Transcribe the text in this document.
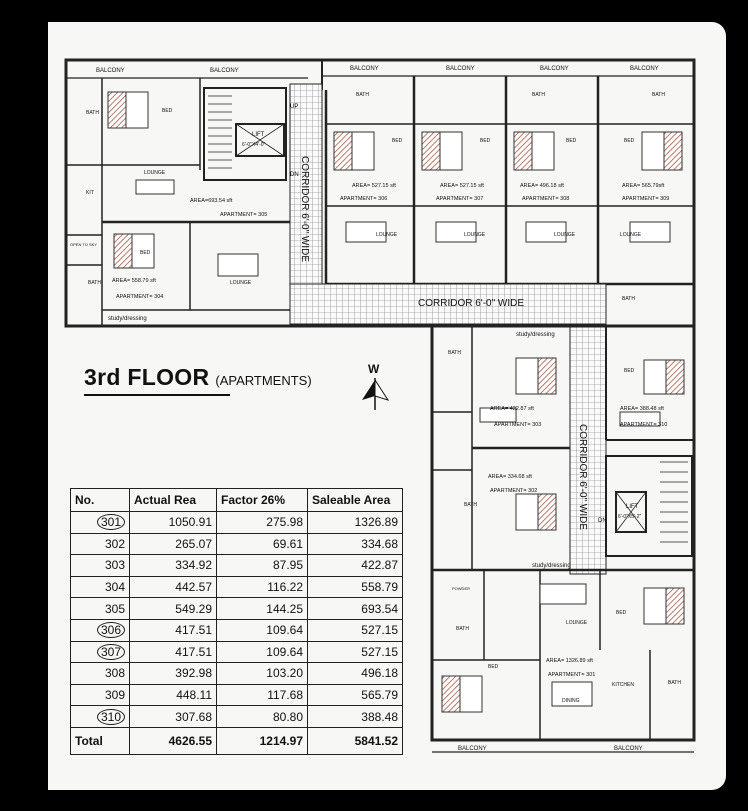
BALCONY	BALCONY	BALCONY	BALCONY	BALCONY	BALCONY
BALCONY	BALCONY
LIFT
6'-0"X4'-0"
LIFT
6'-0"X5'-2"
UP
DN
DN
CORRIDOR 6'-0" WIDE
CORRIDOR 6'-0" WIDE
CORRIDOR 6'-0" WIDE
study/dressing
study/dressing
study/dressing
BED
BED
BED	BED	BED	BED
BED
BED
BED
BATH
BATH	BATH	BATH
BATH
BATH
BATH
BATH
BATH
BATH
LOUNGE
LOUNGE
LOUNGE	LOUNGE	LOUNGE	LOUNGE
LOUNGE
KIT
OPEN TO SKY
KITCHEN
DINING
POWDER
AREA=693.54 sft
APARTMENT= 305
AREA= 558.79 sft
APARTMENT= 304
AREA= 527.15 sft
APARTMENT= 306
AREA= 527.15 sft
APARTMENT= 307
AREA= 496.18 sft
APARTMENT= 308
AREA= 565.79sft
APARTMENT= 309
AREA= 422.87 sft
APARTMENT= 303
AREA= 388.48 sft
APARTMENT= 310
AREA= 334.68 sft
APARTMENT= 302
AREA= 1326.89 sft
APARTMENT= 301
3rd FLOOR (APARTMENTS)
W
No.	Actual Rea	Factor 26%	Saleable Area
301	1050.91	275.98	1326.89
302	265.07	69.61	334.68
303	334.92	87.95	422.87
304	442.57	116.22	558.79
305	549.29	144.25	693.54
306	417.51	109.64	527.15
307	417.51	109.64	527.15
308	392.98	103.20	496.18
309	448.11	117.68	565.79
310	307.68	80.80	388.48
Total	4626.55	1214.97	5841.52
